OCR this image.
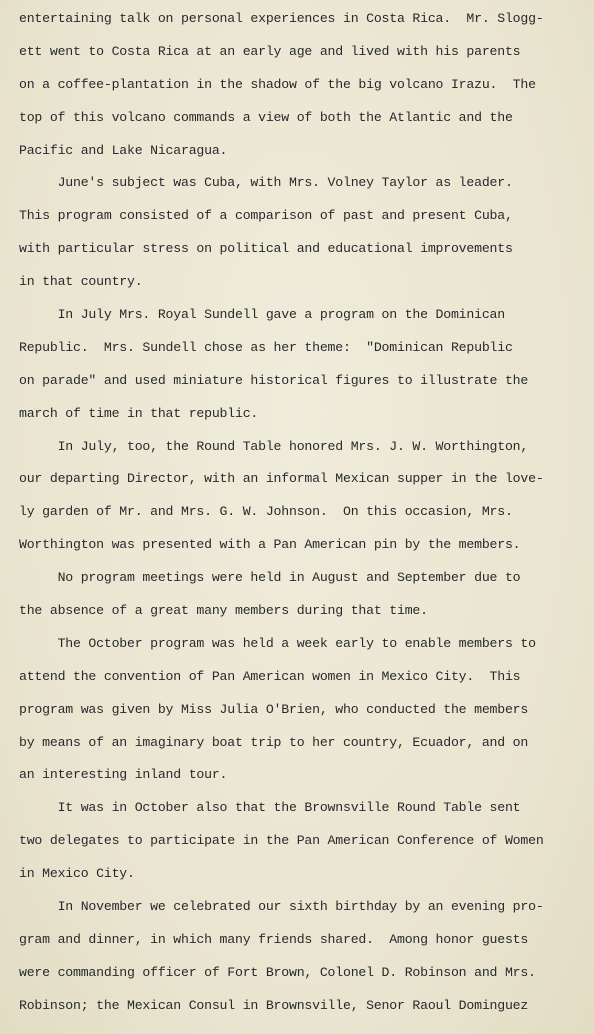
entertaining talk on personal experiences in Costa Rica.  Mr. Slogg-
ett went to Costa Rica at an early age and lived with his parents
on a coffee-plantation in the shadow of the big volcano Irazu.  The
top of this volcano commands a view of both the Atlantic and the
Pacific and Lake Nicaragua.
June's subject was Cuba, with Mrs. Volney Taylor as leader.
This program consisted of a comparison of past and present Cuba,
with particular stress on political and educational improvements
in that country.
In July Mrs. Royal Sundell gave a program on the Dominican
Republic.  Mrs. Sundell chose as her theme:  "Dominican Republic
on parade" and used miniature historical figures to illustrate the
march of time in that republic.
In July, too, the Round Table honored Mrs. J. W. Worthington,
our departing Director, with an informal Mexican supper in the love-
ly garden of Mr. and Mrs. G. W. Johnson.  On this occasion, Mrs.
Worthington was presented with a Pan American pin by the members.
No program meetings were held in August and September due to
the absence of a great many members during that time.
The October program was held a week early to enable members to
attend the convention of Pan American women in Mexico City.  This
program was given by Miss Julia O'Brien, who conducted the members
by means of an imaginary boat trip to her country, Ecuador, and on
an interesting inland tour.
It was in October also that the Brownsville Round Table sent
two delegates to participate in the Pan American Conference of Women
in Mexico City.
In November we celebrated our sixth birthday by an evening pro-
gram and dinner, in which many friends shared.  Among honor guests
were commanding officer of Fort Brown, Colonel D. Robinson and Mrs.
Robinson; the Mexican Consul in Brownsville, Senor Raoul Dominguez
